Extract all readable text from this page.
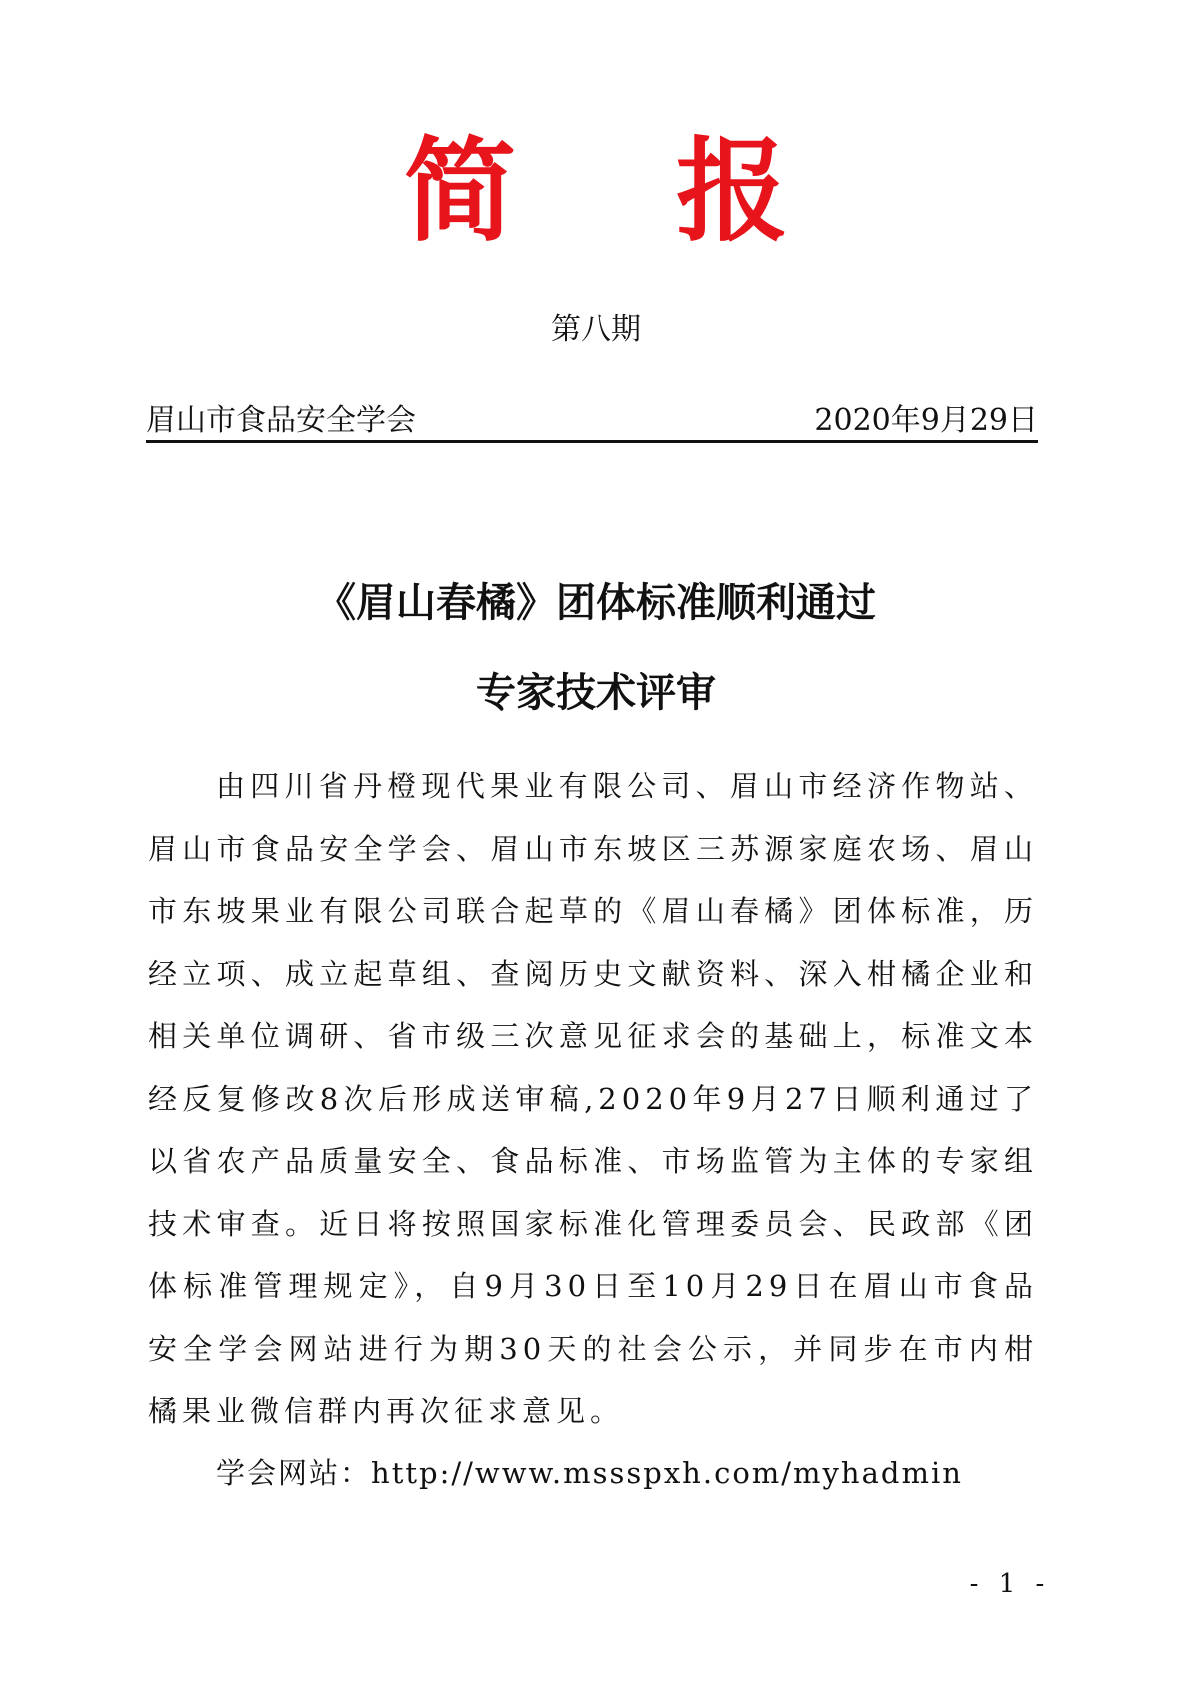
简报
第八期
眉山市食品安全学会	2020年9月29日
《眉山春橘》团体标准顺利通过
专家技术评审

由四川省丹橙现代果业有限公司、眉山市经济作物站、眉山市食品安全学会、眉山市东坡区三苏源家庭农场、眉山市东坡果业有限公司联合起草的《眉山春橘》团体标准，历经立项、成立起草组、查阅历史文献资料、深入柑橘企业和相关单位调研、省市级三次意见征求会的基础上，标准文本经反复修改8次后形成送审稿,2020年9月27日顺利通过了以省农产品质量安全、食品标准、市场监管为主体的专家组技术审查。近日将按照国家标准化管理委员会、民政部《团体标准管理规定》，自9月30日至10月29日在眉山市食品安全学会网站进行为期30天的社会公示，并同步在市内柑橘果业微信群内再次征求意见。

学会网站：http://www.mssspxh.com/myhadmin
- 1 -
